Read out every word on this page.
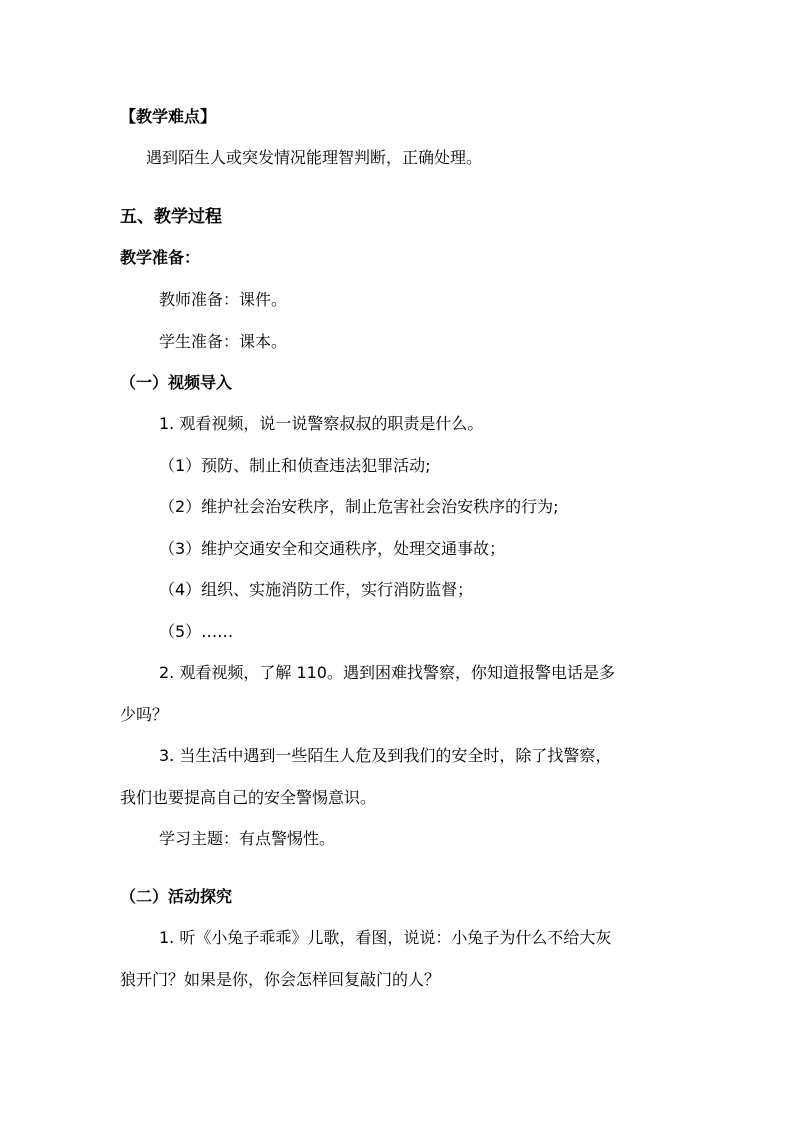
【教学难点】
遇到陌生人或突发情况能理智判断，正确处理。
五、教学过程
教学准备：
教师准备：课件。
学生准备：课本。
（一）视频导入
1. 观看视频，说一说警察叔叔的职责是什么。
（1）预防、制止和侦查违法犯罪活动;
（2）维护社会治安秩序，制止危害社会治安秩序的行为;
（3）维护交通安全和交通秩序，处理交通事故；
（4）组织、实施消防工作，实行消防监督；
（5）……
2. 观看视频，了解 110。遇到困难找警察，你知道报警电话是多
少吗？
3. 当生活中遇到一些陌生人危及到我们的安全时，除了找警察，
我们也要提高自己的安全警惕意识。
学习主题：有点警惕性。
（二）活动探究
1. 听《小兔子乖乖》儿歌，看图，说说：小兔子为什么不给大灰
狼开门？如果是你，你会怎样回复敲门的人？
